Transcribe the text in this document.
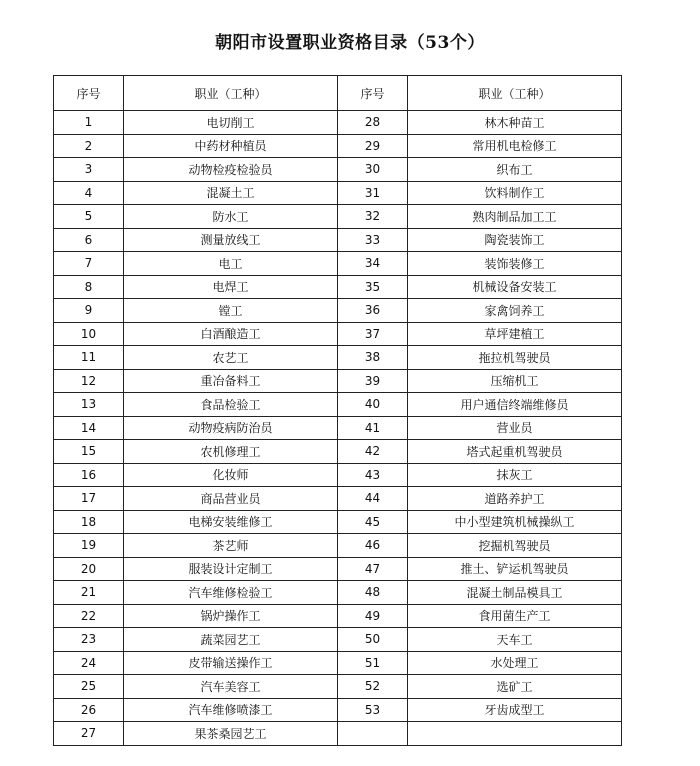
朝阳市设置职业资格目录（53个）
序号	职业（工种）	序号	职业（工种）
1	电切削工	28	林木种苗工
2	中药材种植员	29	常用机电检修工
3	动物检疫检验员	30	织布工
4	混凝土工	31	饮料制作工
5	防水工	32	熟肉制品加工工
6	测量放线工	33	陶瓷装饰工
7	电工	34	装饰装修工
8	电焊工	35	机械设备安装工
9	镗工	36	家禽饲养工
10	白酒酿造工	37	草坪建植工
11	农艺工	38	拖拉机驾驶员
12	重冶备料工	39	压缩机工
13	食品检验工	40	用户通信终端维修员
14	动物疫病防治员	41	营业员
15	农机修理工	42	塔式起重机驾驶员
16	化妆师	43	抹灰工
17	商品营业员	44	道路养护工
18	电梯安装维修工	45	中小型建筑机械操纵工
19	茶艺师	46	挖掘机驾驶员
20	服装设计定制工	47	推土、铲运机驾驶员
21	汽车维修检验工	48	混凝土制品模具工
22	锅炉操作工	49	食用菌生产工
23	蔬菜园艺工	50	天车工
24	皮带输送操作工	51	水处理工
25	汽车美容工	52	选矿工
26	汽车维修喷漆工	53	牙齿成型工
27	果茶桑园艺工		
